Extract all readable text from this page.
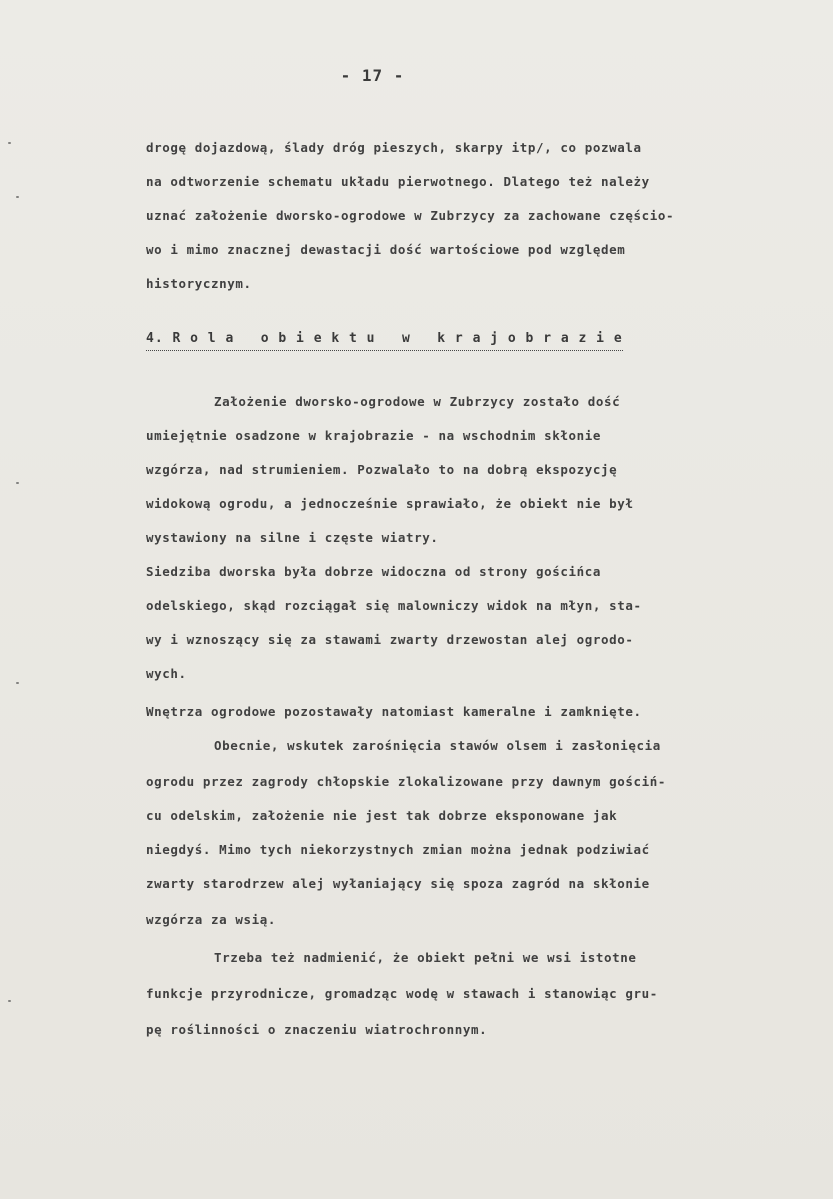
- 17 -
drogę dojazdową, ślady dróg pieszych, skarpy itp/, co pozwala
na odtworzenie schematu układu pierwotnego. Dlatego też należy
uznać założenie dworsko-ogrodowe w Zubrzycy za zachowane częścio-
wo i mimo znacznej dewastacji dość wartościowe pod względem
historycznym.
4. R o l a   o b i e k t u   w   k r a j o b r a z i e
Założenie dworsko-ogrodowe w Zubrzycy zostało dość
umiejętnie osadzone w krajobrazie - na wschodnim skłonie
wzgórza, nad strumieniem. Pozwalało to na dobrą ekspozycję
widokową ogrodu, a jednocześnie sprawiało, że obiekt nie był
wystawiony na silne i częste wiatry.
Siedziba dworska była dobrze widoczna od strony gościńca
odelskiego, skąd rozciągał się malowniczy widok na młyn, sta-
wy i wznoszący się za stawami zwarty drzewostan alej ogrodo-
wych.
Wnętrza ogrodowe pozostawały natomiast kameralne i zamknięte.
Obecnie, wskutek zarośnięcia stawów olsem i zasłonięcia
ogrodu przez zagrody chłopskie zlokalizowane przy dawnym gościń-
cu odelskim, założenie nie jest tak dobrze eksponowane jak
niegdyś. Mimo tych niekorzystnych zmian można jednak podziwiać
zwarty starodrzew alej wyłaniający się spoza zagród na skłonie
wzgórza za wsią.
Trzeba też nadmienić, że obiekt pełni we wsi istotne
funkcje przyrodnicze, gromadząc wodę w stawach i stanowiąc gru-
pę roślinności o znaczeniu wiatrochronnym.
